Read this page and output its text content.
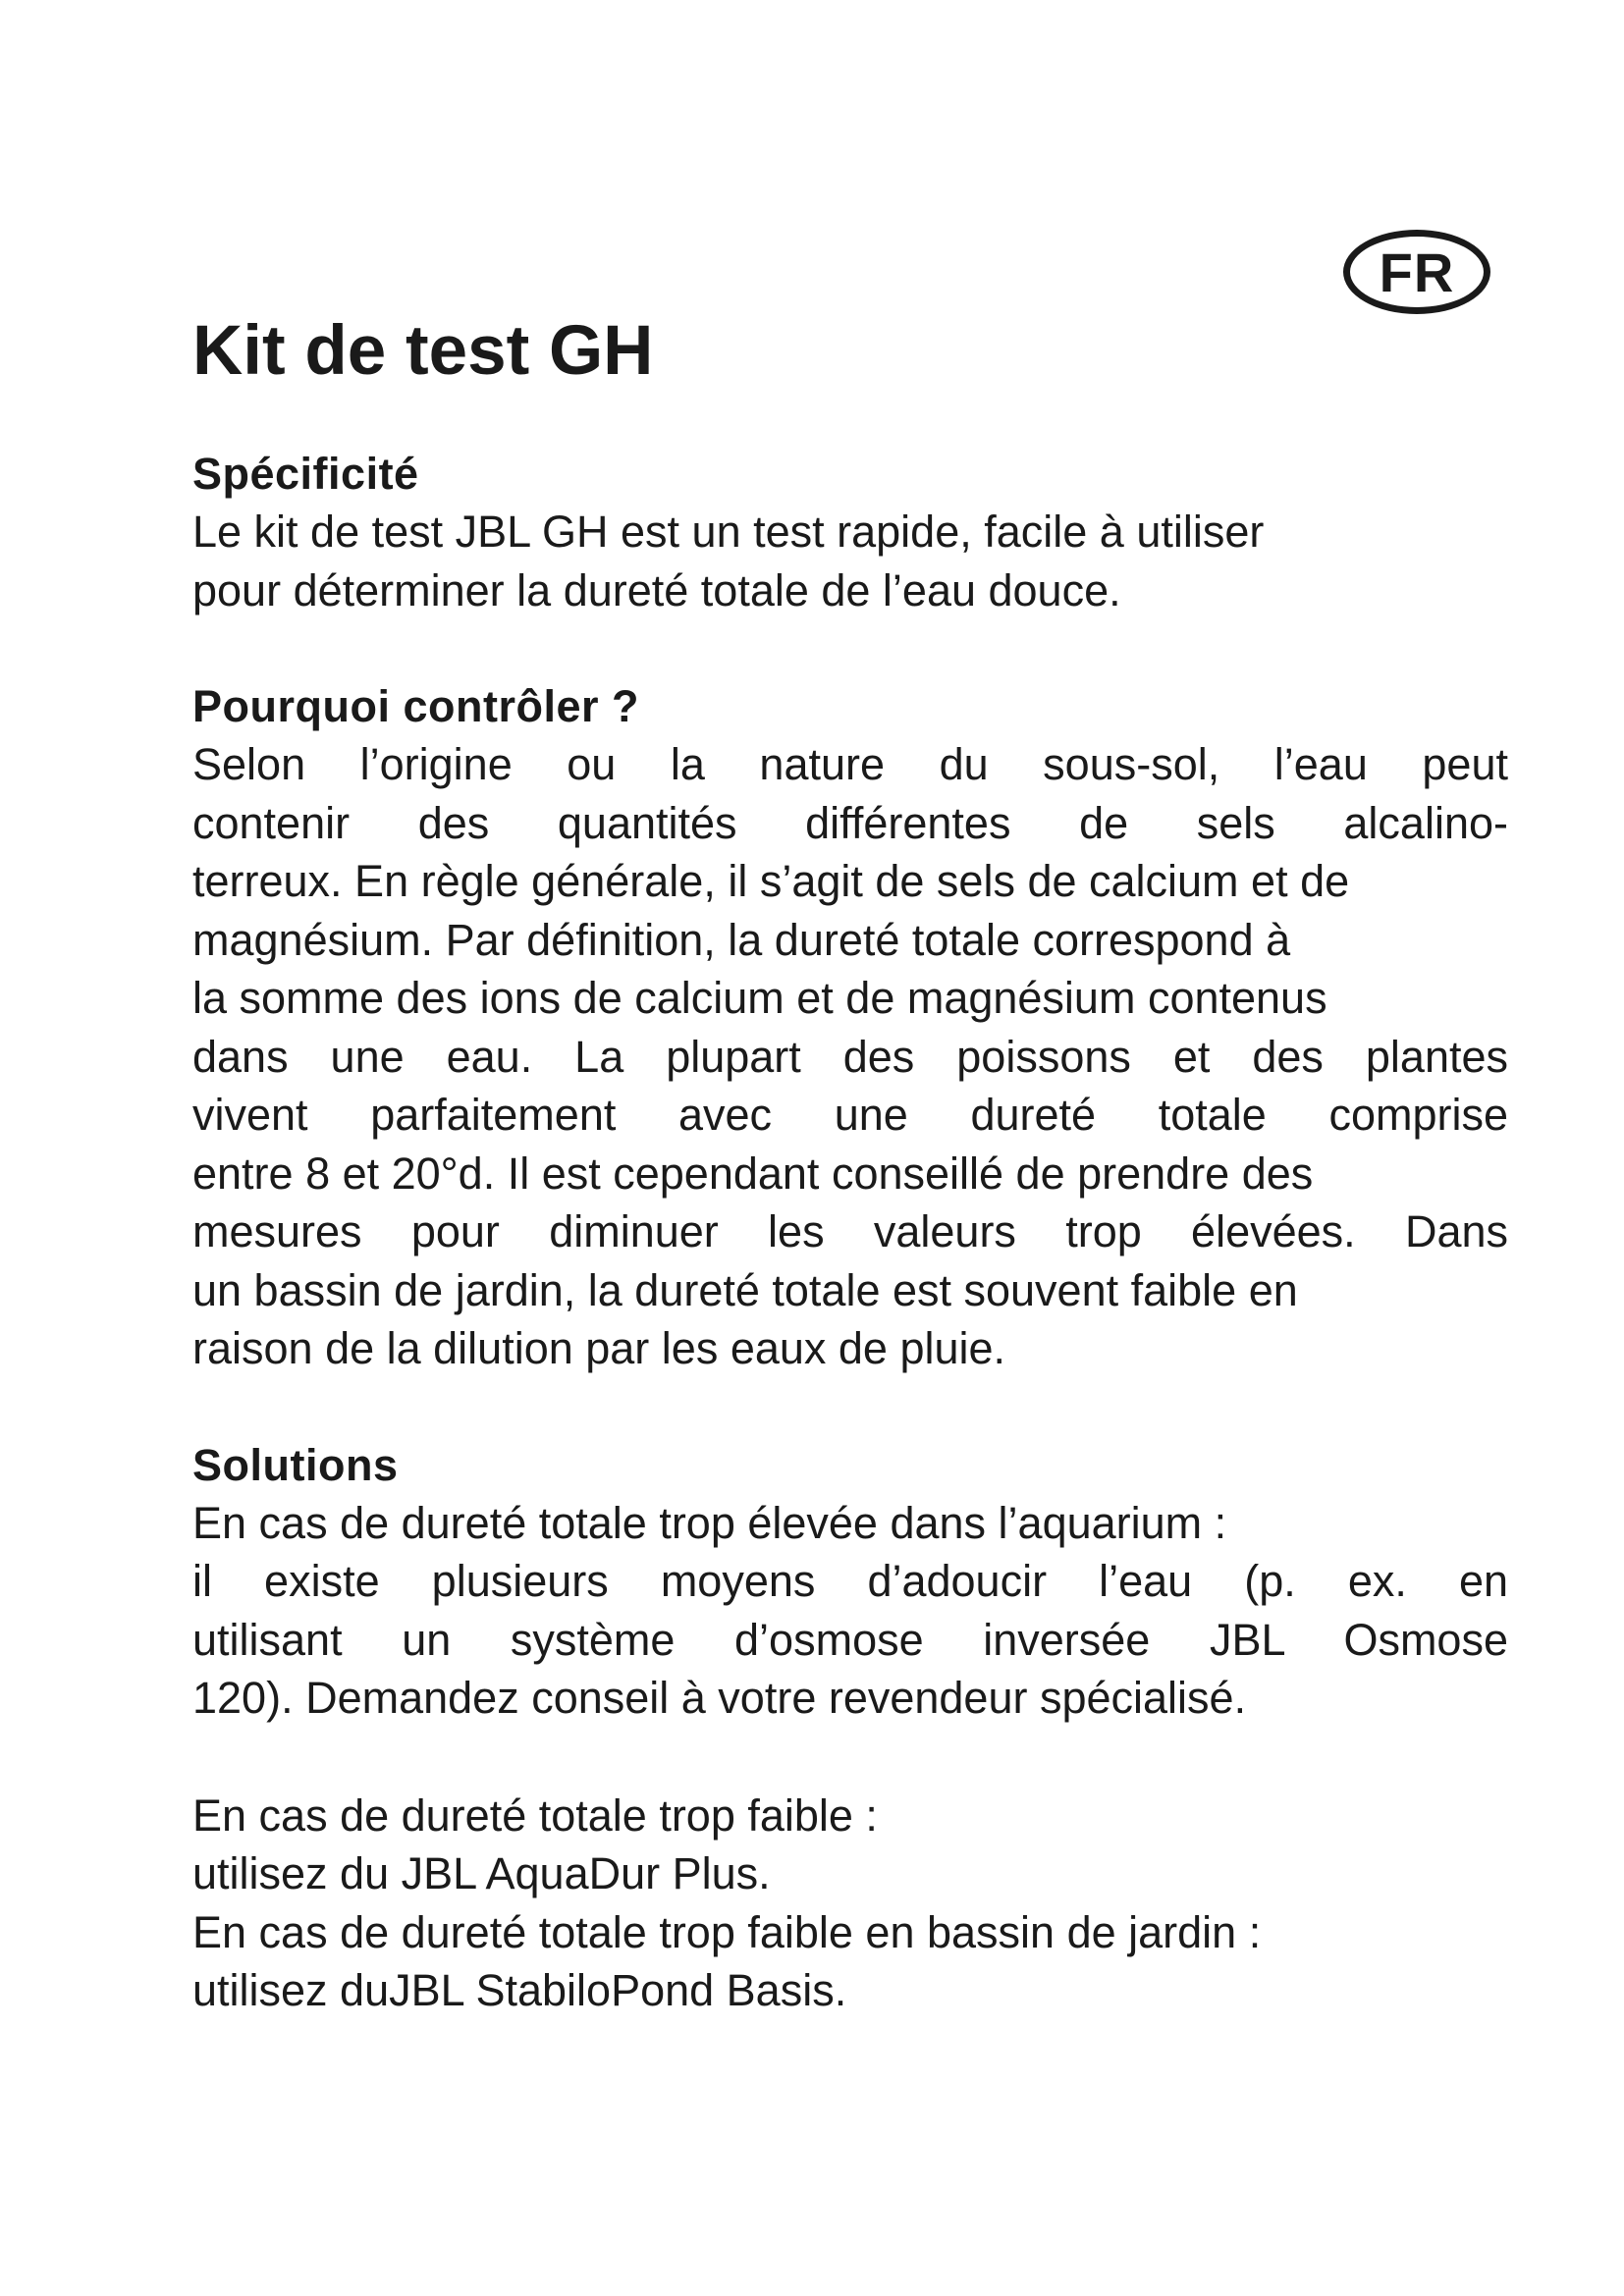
FR
Kit de test GH
Spécificité

Le kit de test JBL GH est un test rapide, facile à utiliser
pour déterminer la dureté totale de l’eau douce.

Pourquoi contrôler ?

Selon l’origine ou la nature du sous-sol, l’eau peut
contenir des quantités différentes de sels alcalino-
terreux. En règle générale, il s’agit de sels de calcium et de
magnésium. Par définition, la dureté totale correspond à
la somme des ions de calcium et de magnésium contenus
dans une eau. La plupart des poissons et des plantes
vivent parfaitement avec une dureté totale comprise
entre 8 et 20°d. Il est cependant conseillé de prendre des
mesures pour diminuer les valeurs trop élevées. Dans
un bassin de jardin, la dureté totale est souvent faible en
raison de la dilution par les eaux de pluie.

Solutions

En cas de dureté totale trop élevée dans l’aquarium :
il existe plusieurs moyens d’adoucir l’eau (p. ex. en
utilisant un système d’osmose inversée JBL Osmose
120). Demandez conseil à votre revendeur spécialisé.

En cas de dureté totale trop faible :
utilisez du JBL AquaDur Plus.
En cas de dureté totale trop faible en bassin de jardin :
utilisez duJBL StabiloPond Basis.
